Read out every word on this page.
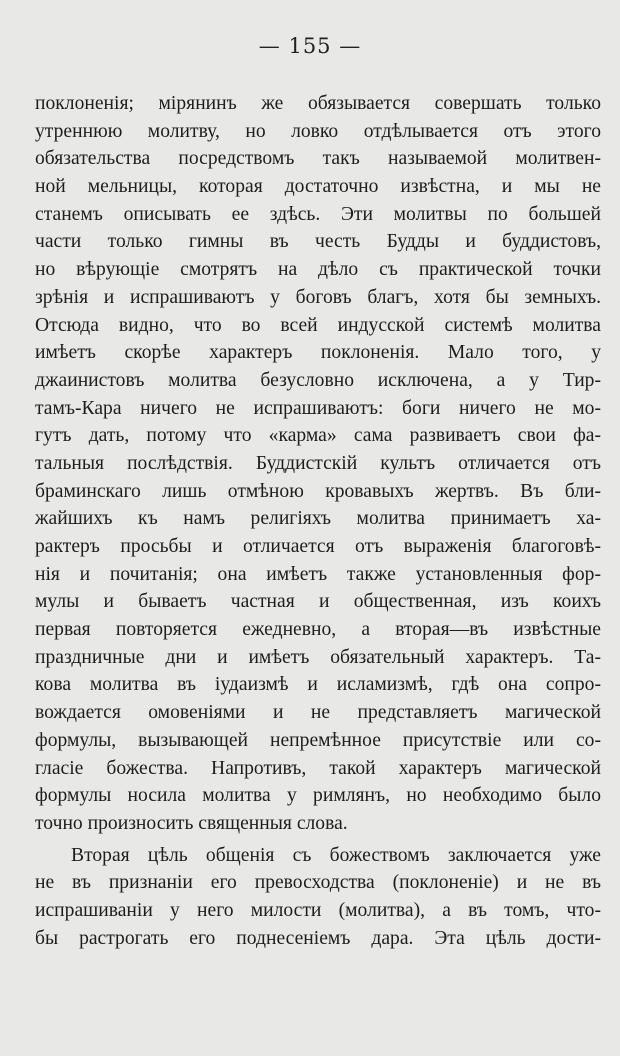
— 155 —
поклоненія; мірянинъ же обязывается совершать только
утреннюю молитву, но ловко отдѣлывается отъ этого
обязательства посредствомъ такъ называемой молитвен-
ной мельницы, которая достаточно извѣстна, и мы не
станемъ описывать ее здѣсь. Эти молитвы по большей
части только гимны въ честь Будды и буддистовъ,
но вѣрующіе смотрятъ на дѣло съ практической точки
зрѣнія и испрашиваютъ у боговъ благъ, хотя бы земныхъ.
Отсюда видно, что во всей индусской системѣ молитва
имѣетъ скорѣе характеръ поклоненія. Мало того, у
джаинистовъ молитва безусловно исключена, а у Тир-
тамъ-Кара ничего не испрашиваютъ: боги ничего не мо-
гутъ дать, потому что «карма» сама развиваетъ свои фа-
тальныя послѣдствія. Буддистскій культъ отличается отъ
браминскаго лишь отмѣною кровавыхъ жертвъ. Въ бли-
жайшихъ къ намъ религіяхъ молитва принимаетъ ха-
рактеръ просьбы и отличается отъ выраженія благоговѣ-
нія и почитанія; она имѣетъ также установленныя фор-
мулы и бываетъ частная и общественная, изъ коихъ
первая повторяется ежедневно, а вторая—въ извѣстные
праздничные дни и имѣетъ обязательный характеръ. Та-
кова молитва въ іудаизмѣ и исламизмѣ, гдѣ она сопро-
вождается омовеніями и не представляетъ магической
формулы, вызывающей непремѣнное присутствіе или со-
гласіе божества. Напротивъ, такой характеръ магической
формулы носила молитва у римлянъ, но необходимо было
точно произносить священныя слова.
Вторая цѣль общенія съ божествомъ заключается уже
не въ признаніи его превосходства (поклоненіе) и не въ
испрашиваніи у него милости (молитва), а въ томъ, что-
бы растрогать его поднесеніемъ дара. Эта цѣль дости-
